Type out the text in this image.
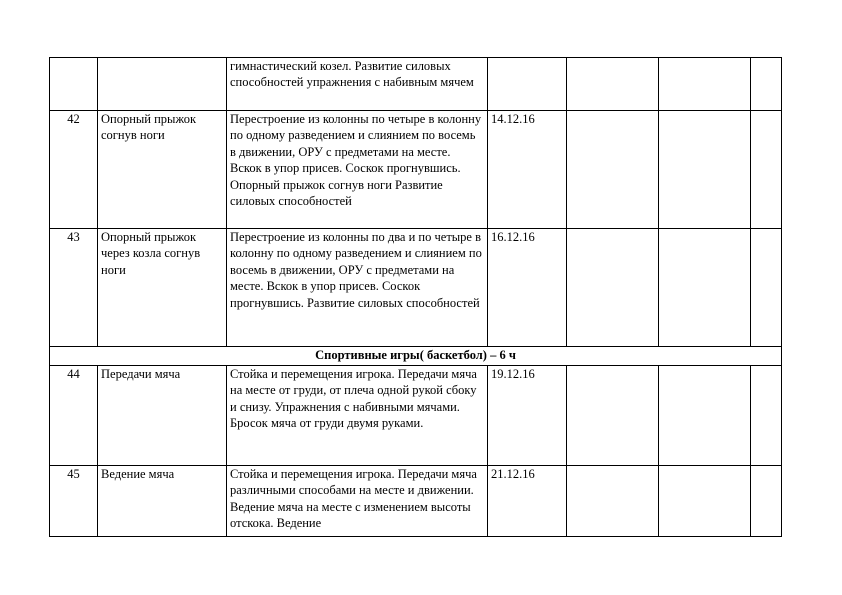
		гимнастический козел. Развитие силовых способностей упражнения с набивным мячем				
42	Опорный прыжок согнув ноги	Перестроение из колонны по четыре в колонну по одному разведением и слиянием по восемь в движении, ОРУ с предметами на месте. Вскок в упор присев. Соскок прогнувшись. Опорный прыжок согнув ноги Развитие силовых способностей	14.12.16			
43	Опорный прыжок через козла согнув ноги	Перестроение из колонны по два и по четыре в колонну по одному разведением и слиянием по восемь в движении, ОРУ с предметами на месте. Вскок в упор присев. Соскок прогнувшись. Развитие силовых способностей	16.12.16			
Спортивные игры( баскетбол) – 6 ч						
44	Передачи мяча	Стойка и перемещения игрока. Передачи мяча на месте от груди, от плеча одной рукой сбоку и снизу. Упражнения с набивными мячами. Бросок мяча от груди двумя руками.	19.12.16			
45	Ведение мяча	Стойка и перемещения игрока. Передачи мяча различными способами на месте и движении. Ведение мяча на месте с изменением высоты отскока. Ведение	21.12.16			
